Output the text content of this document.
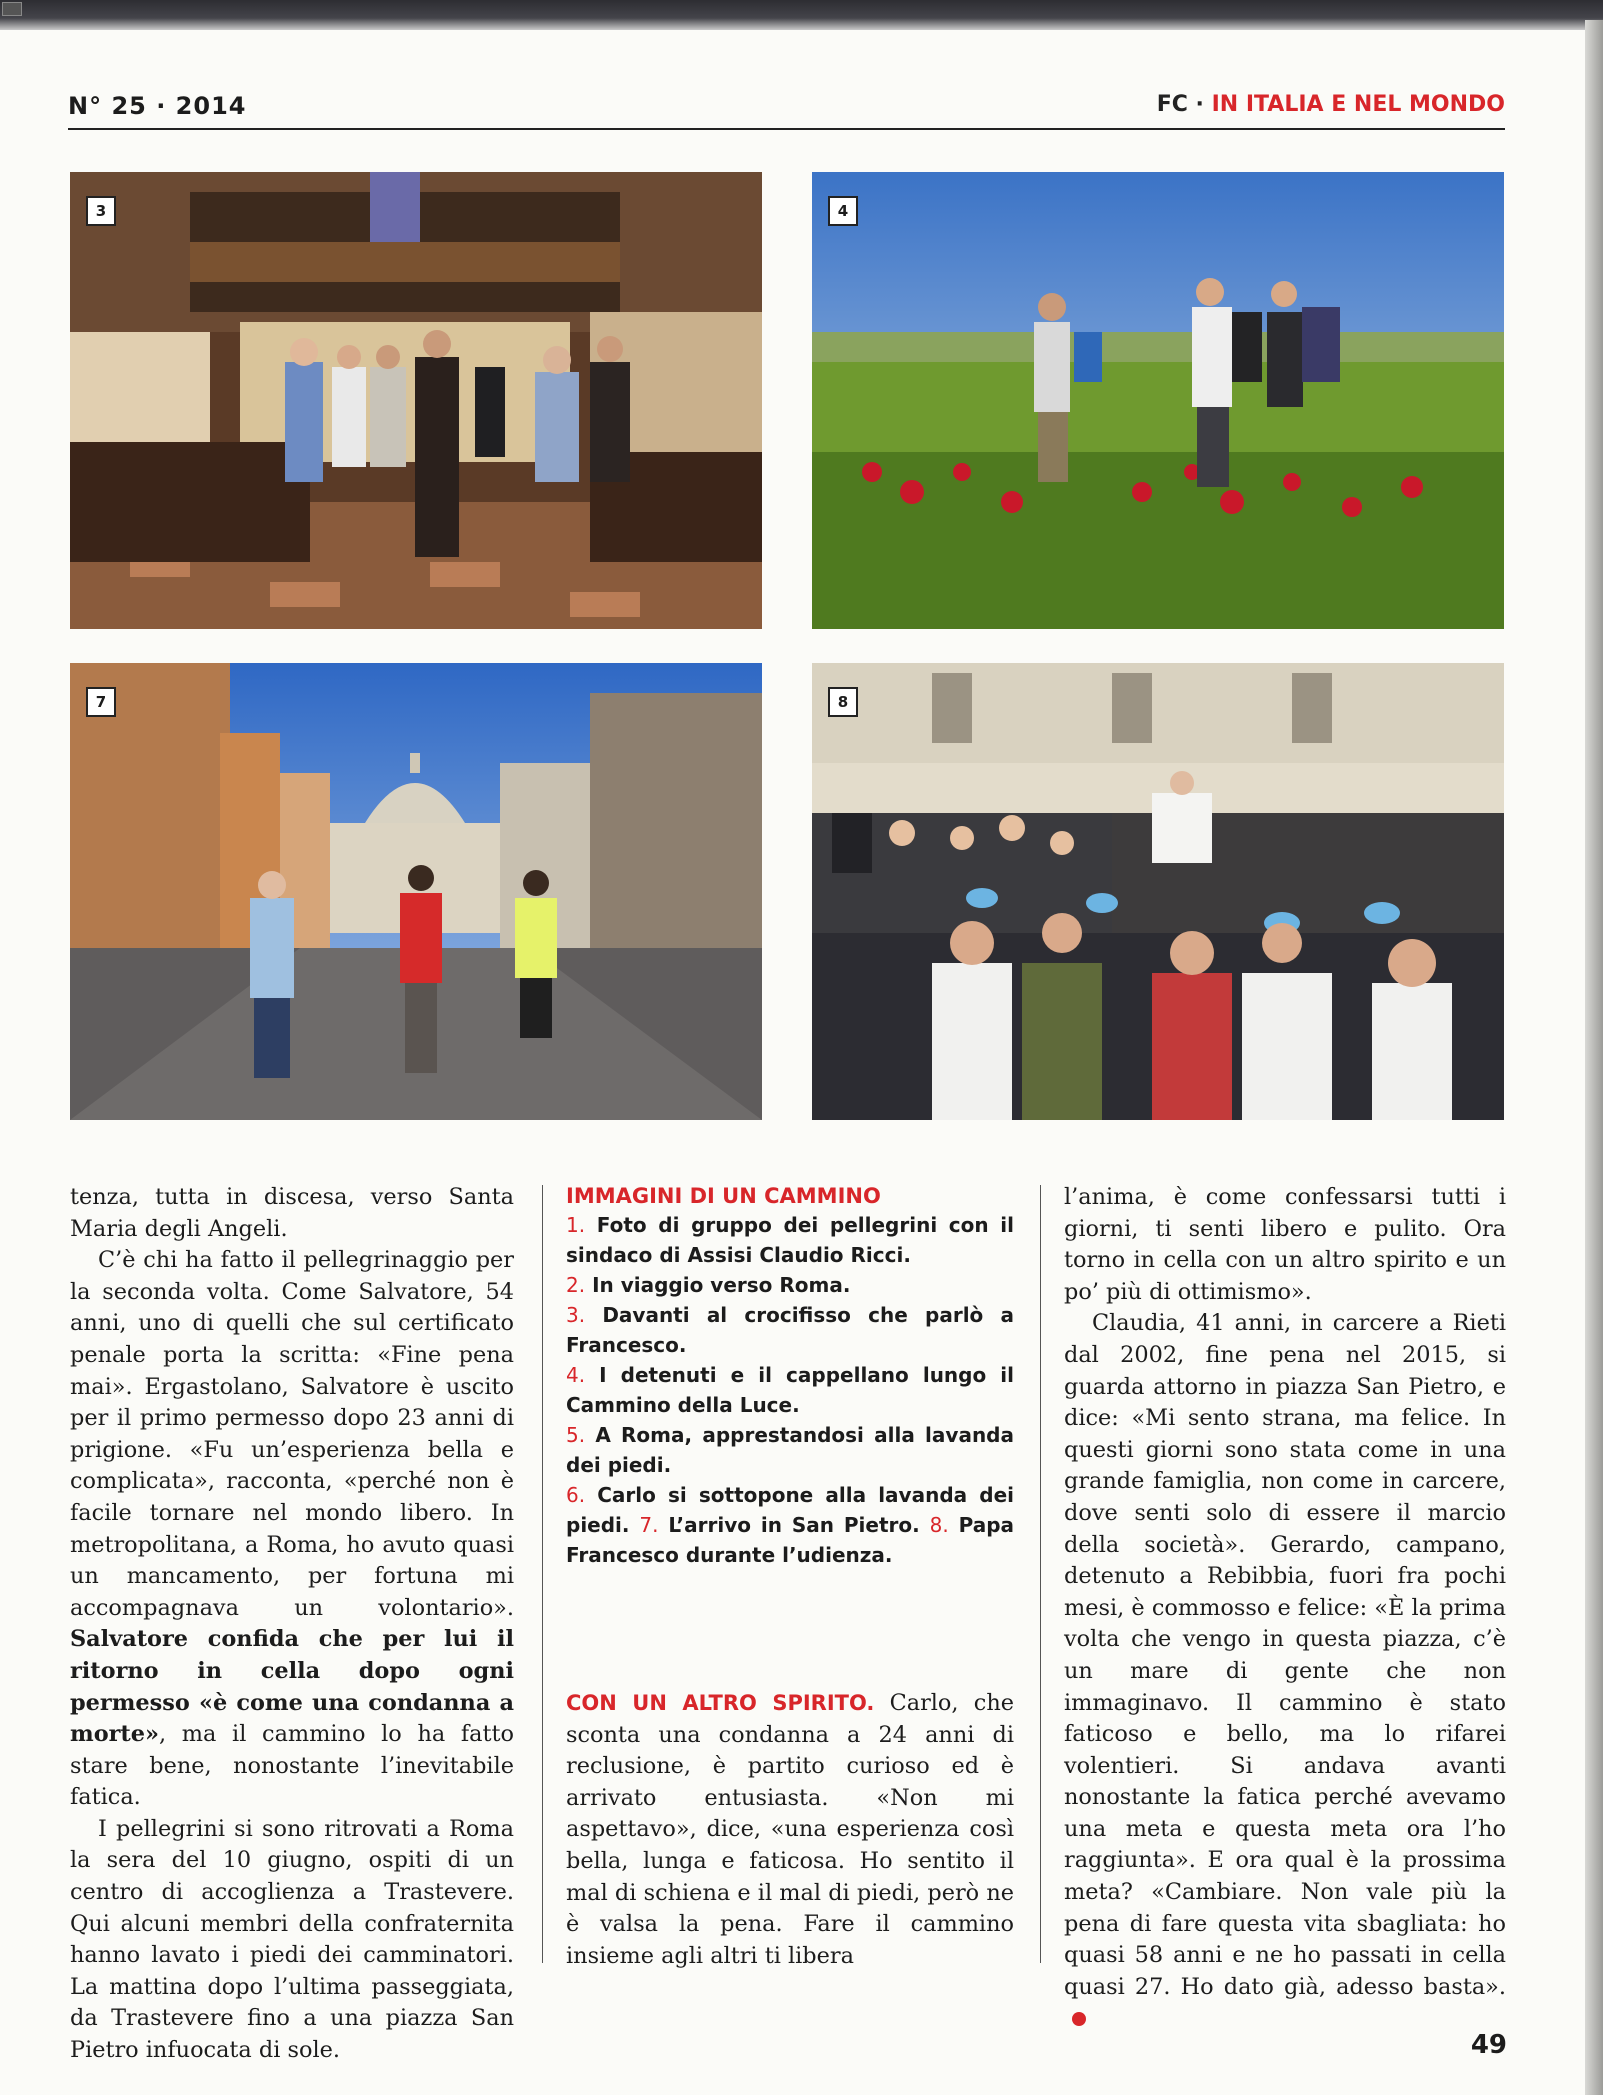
N° 25 · 2014	FC · IN ITALIA E NEL MONDO
3	4
7	8

tenza, tutta in discesa, verso Santa Maria degli Angeli.

C’è chi ha fatto il pellegrinaggio per la seconda volta. Come Salvatore, 54 anni, uno di quelli che sul certificato penale porta la scritta: «Fine pena mai». Ergastolano, Salvatore è uscito per il primo permesso dopo 23 anni di prigione. «Fu un’esperienza bella e complicata», racconta, «perché non è facile tornare nel mondo libero. In metropolitana, a Roma, ho avuto quasi un mancamento, per fortuna mi accompagnava un volontario». Salvatore confida che per lui il ritorno in cella dopo ogni permesso «è come una condanna a morte», ma il cammino lo ha fatto stare bene, nonostante l’inevitabile fatica.

I pellegrini si sono ritrovati a Roma la sera del 10 giugno, ospiti di un centro di accoglienza a Trastevere. Qui alcuni membri della confraternita hanno lavato i piedi dei camminatori. La mattina dopo l’ultima passeggiata, da Trastevere fino a una piazza San Pietro infuocata di sole.

IMMAGINI DI UN CAMMINO
1. Foto di gruppo dei pellegrini con il sindaco di Assisi Claudio Ricci.
2. In viaggio verso Roma.
3. Davanti al crocifisso che parlò a Francesco.
4. I detenuti e il cappellano lungo il Cammino della Luce.
5. A Roma, apprestandosi alla lavanda dei piedi.
6. Carlo si sottopone alla lavanda dei piedi. 7. L’arrivo in San Pietro. 8. Papa Francesco durante l’udienza.

CON UN ALTRO SPIRITO. Carlo, che sconta una condanna a 24 anni di reclusione, è partito curioso ed è arrivato entusiasta. «Non mi aspettavo», dice, «una esperienza così bella, lunga e faticosa. Ho sentito il mal di schiena e il mal di piedi, però ne è valsa la pena. Fare il cammino insieme agli altri ti libera

l’anima, è come confessarsi tutti i giorni, ti senti libero e pulito. Ora torno in cella con un altro spirito e un po’ più di ottimismo».

Claudia, 41 anni, in carcere a Rieti dal 2002, fine pena nel 2015, si guarda attorno in piazza San Pietro, e dice: «Mi sento strana, ma felice. In questi giorni sono stata come in una grande famiglia, non come in carcere, dove senti solo di essere il marcio della società». Gerardo, campano, detenuto a Rebibbia, fuori fra pochi mesi, è commosso e felice: «È la prima volta che vengo in questa piazza, c’è un mare di gente che non immaginavo. Il cammino è stato faticoso e bello, ma lo rifarei volentieri. Si andava avanti nonostante la fatica perché avevamo una meta e questa meta ora l’ho raggiunta». E ora qual è la prossima meta? «Cambiare. Non vale più la pena di fare questa vita sbagliata: ho quasi 58 anni e ne ho passati in cella quasi 27. Ho dato già, adesso basta».

49
